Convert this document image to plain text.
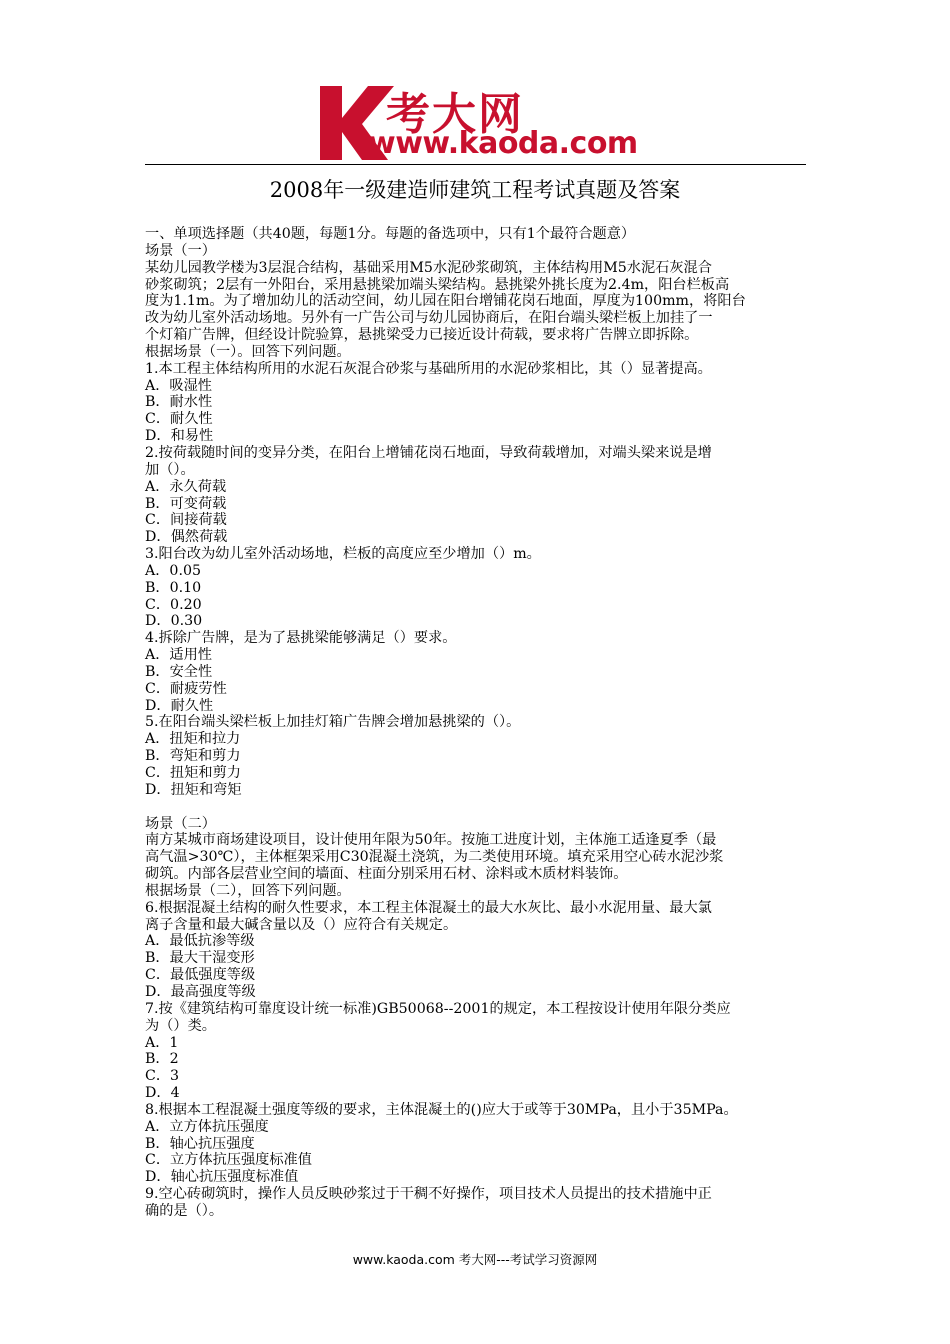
考大网
www.kaoda.com
2008年一级建造师建筑工程考试真题及答案
一、单项选择题（共40题，每题1分。每题的备选项中，只有1个最符合题意）
场景（一）
某幼儿园教学楼为3层混合结构，基础采用M5水泥砂浆砌筑，主体结构用M5水泥石灰混合
砂浆砌筑；2层有一外阳台，采用悬挑梁加端头梁结构。悬挑梁外挑长度为2.4m，阳台栏板高
度为1.1m。为了增加幼儿的活动空间，幼儿园在阳台增铺花岗石地面，厚度为100mm，将阳台
改为幼儿室外活动场地。另外有一广告公司与幼儿园协商后，在阳台端头梁栏板上加挂了一
个灯箱广告牌，但经设计院验算，悬挑梁受力已接近设计荷载，要求将广告牌立即拆除。
根据场景（一）。回答下列问题。
1.本工程主体结构所用的水泥石灰混合砂浆与基础所用的水泥砂浆相比，其（）显著提高。
A．吸湿性
B．耐水性
C．耐久性
D．和易性
2.按荷载随时间的变异分类，在阳台上增铺花岗石地面，导致荷载增加，对端头梁来说是增
加（）。
A．永久荷载
B．可变荷载
C．间接荷载
D．偶然荷载
3.阳台改为幼儿室外活动场地，栏板的高度应至少增加（）m。
A．0.05
B．0.10
C．0.20
D．0.30
4.拆除广告牌，是为了悬挑梁能够满足（）要求。
A．适用性
B．安全性
C．耐疲劳性
D．耐久性
5.在阳台端头梁栏板上加挂灯箱广告牌会增加悬挑梁的（）。
A．扭矩和拉力
B．弯矩和剪力
C．扭矩和剪力
D．扭矩和弯矩
场景（二）
南方某城市商场建设项目，设计使用年限为50年。按施工进度计划，主体施工适逢夏季（最
高气温>30℃），主体框架采用C30混凝土浇筑，为二类使用环境。填充采用空心砖水泥沙浆
砌筑。内部各层营业空间的墙面、柱面分别采用石材、涂料或木质材料装饰。
根据场景（二），回答下列问题。
6.根据混凝土结构的耐久性要求，本工程主体混凝土的最大水灰比、最小水泥用量、最大氯
离子含量和最大碱含量以及（）应符合有关规定。
A．最低抗渗等级
B．最大干湿变形
C．最低强度等级
D．最高强度等级
7.按《建筑结构可靠度设计统一标准)GB50068--2001的规定，本工程按设计使用年限分类应
为（）类。
A．1
B．2
C．3
D．4
8.根据本工程混凝土强度等级的要求，主体混凝土的()应大于或等于30MPa，且小于35MPa。
A．立方体抗压强度
B．轴心抗压强度
C．立方体抗压强度标准值
D．轴心抗压强度标准值
9.空心砖砌筑时，操作人员反映砂浆过于干稠不好操作，项目技术人员提出的技术措施中正
确的是（）。
www.kaoda.com 考大网---考试学习资源网
